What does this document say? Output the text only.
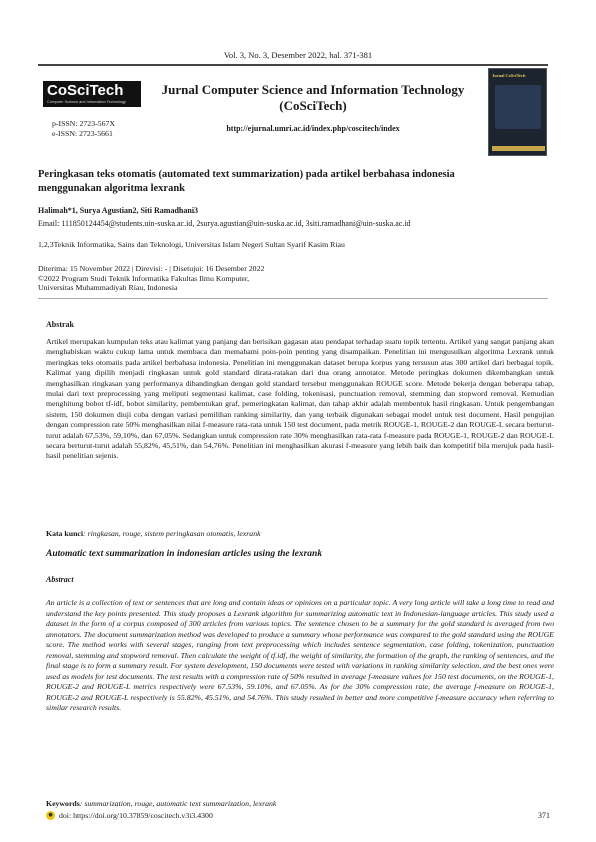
Vol. 3, No. 3, Desember 2022, hal. 371-381
CoSciTech
Computer Science and Information Technology
Jurnal Computer Science and Information Technology
(CoSciTech)
p-ISSN: 2723-567X
e-ISSN: 2723-5661
http://ejurnal.umri.ac.id/index.php/coscitech/index
Jurnal CoSciTech
Peringkasan teks otomatis (automated text summarization) pada artikel berbahasa indonesia
menggunakan algoritma lexrank
Halimah*1, Surya Agustian2, Siti Ramadhani3
Email: 111850124454@students.uin-suska.ac.id, 2surya.agustian@uin-suska.ac.id, 3siti.ramadhani@uin-suska.ac.id
1,2,3Teknik Informatika, Sains dan Teknologi, Universitas Islam Negeri Sultan Syarif Kasim Riau
Diterima: 15 November 2022 | Direvisi: - | Disetujui: 16 Desember 2022
©2022 Program Studi Teknik Informatika Fakultas Ilmu Komputer,
Universitas Muhammadiyah Riau, Indonesia
Abstrak
Artikel merupakan kumpulan teks atau kalimat yang panjang dan berisikan gagasan atau pendapat terhadap suatu topik tertentu. Artikel yang sangat panjang akan menghabiskan waktu cukup lama untuk membaca dan memahami poin-poin penting yang disampaikan. Penelitian ini mengusulkan algoritma Lexrank untuk meringkas teks otomatis pada artikel berbahasa indonesia. Penelitian ini menggunakan dataset berupa korpus yang tersusun atas 300 artikel dari berbagai topik. Kalimat yang dipilih menjadi ringkasan untuk gold standard dirata-ratakan dari dua orang annotator. Metode peringkas dokumen dikembangkan untuk menghasilkan ringkasan yang performanya dibandingkan dengan gold standard tersebut menggunakan ROUGE score. Metode bekerja dengan beberapa tahap, mulai dari text preprocessing yang meliputi segmentasi kalimat, case folding, tokenisasi, punctuation removal, stemming dan stopword removal. Kemudian menghitung bobot tf-idf, bobot similarity, pembentukan graf, pemeringkatan kalimat, dan tahap akhir adalah membentuk hasil ringkasan. Untuk pengembangan sistem, 150 dokumen diuji coba dengan variasi pemilihan ranking similarity, dan yang terbaik digunakan sebagai model untuk test document. Hasil pengujian dengan compression rate 50% menghasilkan nilai f-measure rata-rata untuk 150 test document, pada metrik ROUGE-1, ROUGE-2 dan ROUGE-L secara berturut-turut adalah 67,53%, 59,10%, dan 67,05%. Sedangkan untuk compression rate 30% menghasilkan rata-rata f-measure pada ROUGE-1, ROUGE-2 dan ROUGE-L secara berturut-turut adalah 55,82%, 45,51%, dan 54,76%. Penelitian ini menghasilkan akurasi f-measure yang lebih baik dan kompetitif bila merujuk pada hasil-hasil penelitian sejenis.
Kata kunci: ringkasan, rouge, sistem peringkasan otomatis, lexrank
Automatic text summarization in indonesian articles using the lexrank
Abstract
An article is a collection of text or sentences that are long and contain ideas or opinions on a particular topic. A very long article will take a long time to read and understand the key points presented. This study proposes a Lexrank algorithm for summarizing automatic text in Indonesian-language articles. This study used a dataset in the form of a corpus composed of 300 articles from various topics. The sentence chosen to be a summary for the gold standard is averaged from two annotators. The document summarization method was developed to produce a summary whose performance was compared to the gold standard using the ROUGE score. The method works with several stages, ranging from text preprocessing which includes sentence segmentation, case folding, tokenization, punctuation removal, stemming and stopword removal. Then calculate the weight of tf.idf, the weight of similarity, the formation of the graph, the ranking of sentences, and the final stage is to form a summary result. For system development, 150 documents were tested with variations in ranking similarity selection, and the best ones were used as models for test documents. The test results with a compression rate of 50% resulted in average f-measure values for 150 test documents, on the ROUGE-1, ROUGE-2 and ROUGE-L metrics respectively were 67.53%, 59.10%, and 67.05%. As for the 30% compression rate, the average f-measure on ROUGE-1, ROUGE-2 and ROUGE-L respectively is 55.82%, 45.51%, and 54.76%. This study resulted in better and more competitive f-measure accuracy when referring to similar research results.
Keywords: summarization, rouge, automatic text summarization, lexrank
● doi: https://doi.org/10.37859/coscitech.v3i3.4300	371
